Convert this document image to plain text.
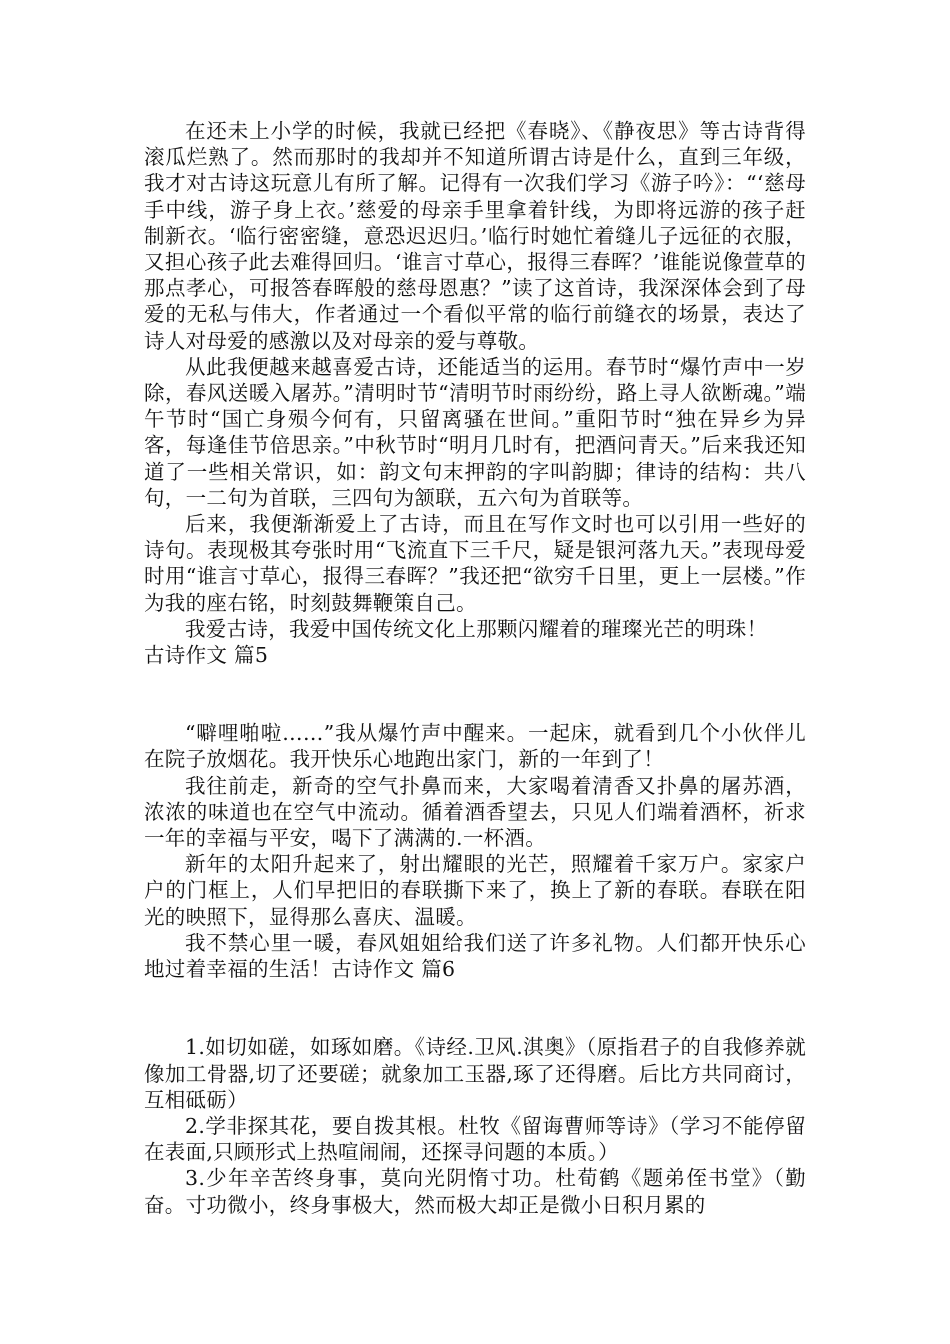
在还未上小学的时候，我就已经把《春晓》、《静夜思》等古诗背得滚瓜烂熟了。然而那时的我却并不知道所谓古诗是什么，直到三年级，我才对古诗这玩意儿有所了解。记得有一次我们学习《游子吟》：“‘慈母手中线，游子身上衣。’慈爱的母亲手里拿着针线，为即将远游的孩子赶制新衣。‘临行密密缝，意恐迟迟归。’临行时她忙着缝儿子远征的衣服，又担心孩子此去难得回归。‘谁言寸草心，报得三春晖？’谁能说像萱草的那点孝心，可报答春晖般的慈母恩惠？”读了这首诗，我深深体会到了母爱的无私与伟大，作者通过一个看似平常的临行前缝衣的场景，表达了诗人对母爱的感激以及对母亲的爱与尊敬。

从此我便越来越喜爱古诗，还能适当的运用。春节时“爆竹声中一岁除，春风送暖入屠苏。”清明时节“清明节时雨纷纷，路上寻人欲断魂。”端午节时“国亡身殒今何有，只留离骚在世间。”重阳节时“独在异乡为异客，每逢佳节倍思亲。”中秋节时“明月几时有，把酒问青天。”后来我还知道了一些相关常识，如：韵文句末押韵的字叫韵脚；律诗的结构：共八句，一二句为首联，三四句为颔联，五六句为首联等。

后来，我便渐渐爱上了古诗，而且在写作文时也可以引用一些好的诗句。表现极其夸张时用“飞流直下三千尺，疑是银河落九天。”表现母爱时用“谁言寸草心，报得三春晖？”我还把“欲穷千日里，更上一层楼。”作为我的座右铭，时刻鼓舞鞭策自己。

我爱古诗，我爱中国传统文化上那颗闪耀着的璀璨光芒的明珠！

古诗作文 篇5

“噼哩啪啦……”我从爆竹声中醒来。一起床，就看到几个小伙伴儿在院子放烟花。我开快乐心地跑出家门，新的一年到了！

我往前走，新奇的空气扑鼻而来，大家喝着清香又扑鼻的屠苏酒，浓浓的味道也在空气中流动。循着酒香望去，只见人们端着酒杯，祈求一年的幸福与平安，喝下了满满的.一杯酒。

新年的太阳升起来了，射出耀眼的光芒，照耀着千家万户。家家户户的门框上，人们早把旧的春联撕下来了，换上了新的春联。春联在阳光的映照下，显得那么喜庆、温暖。

我不禁心里一暖，春风姐姐给我们送了许多礼物。人们都开快乐心地过着幸福的生活！古诗作文 篇6

1.如切如磋，如琢如磨。《诗经.卫风.淇奥》（原指君子的自我修养就像加工骨器,切了还要磋；就象加工玉器,琢了还得磨。后比方共同商讨，互相砥砺）

2.学非探其花，要自拨其根。杜牧《留诲曹师等诗》（学习不能停留在表面,只顾形式上热喧闹闹，还探寻问题的本质。）

3.少年辛苦终身事，莫向光阴惰寸功。杜荀鹤《题弟侄书堂》（勤奋。寸功微小，终身事极大，然而极大却正是微小日积月累的
